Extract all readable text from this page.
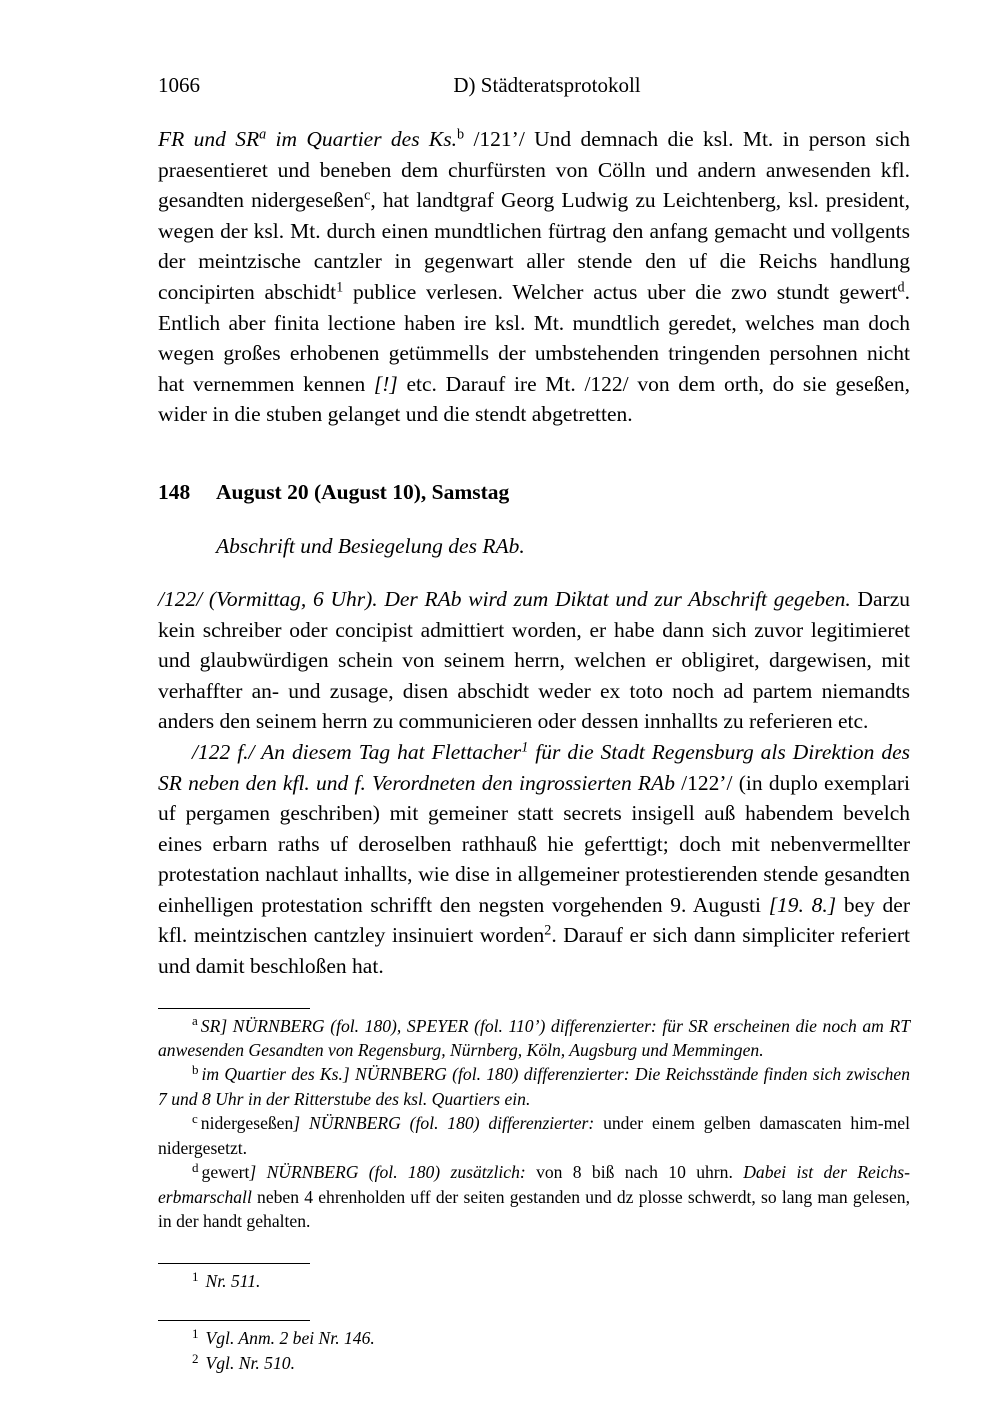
1066	D) Städteratsprotokoll

FR und $SR^a$ im Quartier des Ks.$^b$ /121’/ Und demnach die ksl. Mt. in person sich praesentieret und beneben dem churfürsten von Cölln und andern anwesenden kfl. gesandten nidergeseßen$^c$, hat landtgraf Georg Ludwig zu Leichtenberg, ksl. president, wegen der ksl. Mt. durch einen mundtlichen fürtrag den anfang gemacht und vollgents der meintzische cantzler in gegenwart aller stende den uf die Reichs handlung concipirten abschidt$^1$ publice verlesen. Welcher actus uber die zwo stundt gewert$^d$. Entlich aber finita lectione haben ire ksl. Mt. mundtlich geredet, welches man doch wegen großes erhobenen getümmells der umbstehenden tringenden persohnen nicht hat vernemmen kennen [!] etc. Darauf ire Mt. /122/ von dem orth, do sie geseßen, wider in die stuben gelanget und die stendt abgetretten.

148 August 20 (August 10), Samstag
Abschrift und Besiegelung des RAb.

/122/ (Vormittag, 6 Uhr). Der RAb wird zum Diktat und zur Abschrift gegeben. Darzu kein schreiber oder concipist admittiert worden, er habe dann sich zuvor legitimieret und glaubwürdigen schein von seinem herrn, welchen er obligiret, dargewisen, mit verhaffter an- und zusage, disen abschidt weder ex toto noch ad partem niemandts anders den seinem herrn zu communicieren oder dessen innhallts zu referieren etc.

/122 f./ An diesem Tag hat Flettacher$^1$ für die Stadt Regensburg als Direktion des SR neben den kfl. und f. Verordneten den ingrossierten RAb /122’/ (in duplo exemplari uf pergamen geschriben) mit gemeiner statt secrets insigell auß habendem bevelch eines erbarn raths uf deroselben rathhauß hie geferttigt; doch mit nebenvermellter protestation nachlaut inhallts, wie dise in allgemeiner protestierenden stende gesandten einhelligen protestation schrifft den negsten vorgehenden 9. Augusti [19. 8.] bey der kfl. meintzischen cantzley insinuiert worden$^2$. Darauf er sich dann simpliciter referiert und damit beschloßen hat.

$^a$ SR] NÜRNBERG (fol. 180), SPEYER (fol. 110’) differenzierter: für SR erscheinen die noch am RT anwesenden Gesandten von Regensburg, Nürnberg, Köln, Augsburg und Memmingen.

$^b$ im Quartier des Ks.] NÜRNBERG (fol. 180) differenzierter: Die Reichsstände finden sich zwischen 7 und 8 Uhr in der Ritterstube des ksl. Quartiers ein.

$^c$ nidergeseßen] NÜRNBERG (fol. 180) differenzierter: under einem gelben damascaten him-mel nidergesetzt.

$^d$ gewert] NÜRNBERG (fol. 180) zusätzlich: von 8 biß nach 10 uhrn. Dabei ist der Reichs-erbmarschall neben 4 ehrenholden uff der seiten gestanden und dz plosse schwerdt, so lang man gelesen, in der handt gehalten.

$^1$ Nr. 511.

$^1$ Vgl. Anm. 2 bei Nr. 146.

$^2$ Vgl. Nr. 510.
